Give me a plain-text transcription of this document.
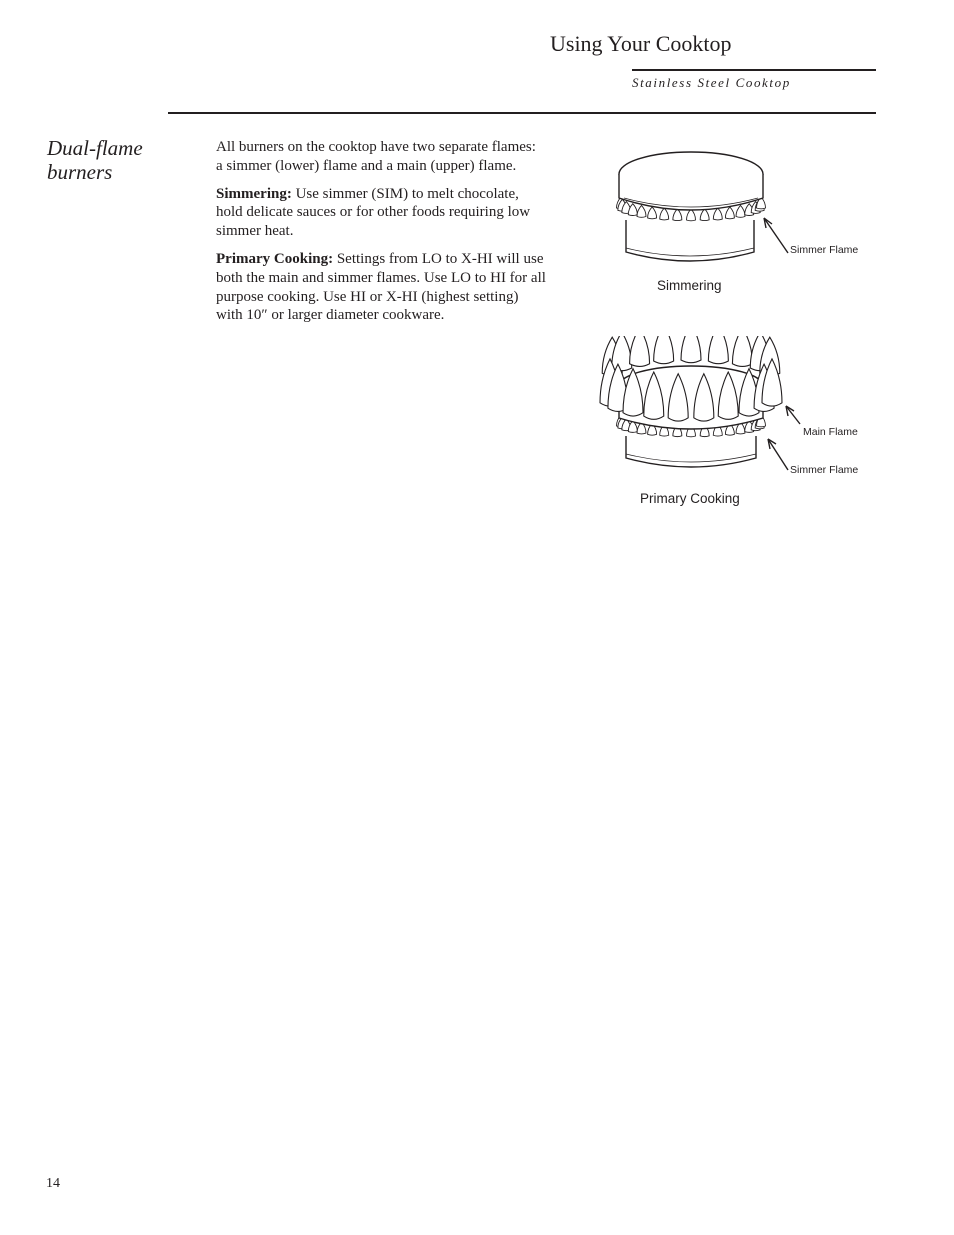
Using Your Cooktop
Stainless Steel Cooktop
Dual-flame burners

All burners on the cooktop have two separate flames: a simmer (lower) flame and a main (upper) flame.

Simmering: Use simmer (SIM) to melt chocolate, hold delicate sauces or for other foods requiring low simmer heat.

Primary Cooking: Settings from LO to X-HI will use both the main and simmer flames. Use LO to HI for all purpose cooking. Use HI or X-HI (highest setting) with 10″ or larger diameter cookware.

Simmer Flame
Simmering
Main Flame
Simmer Flame
Primary Cooking
14
